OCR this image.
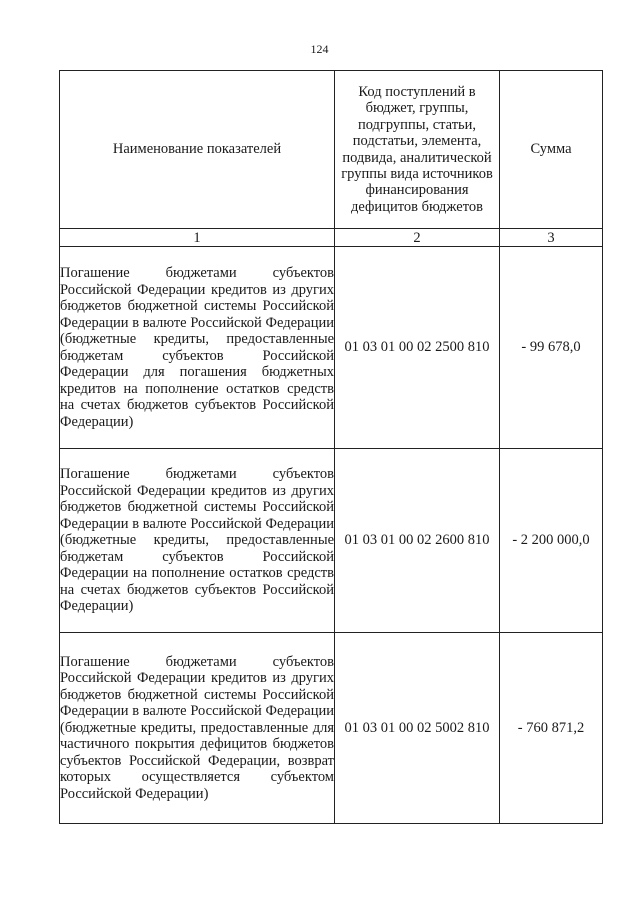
124
Наименование показателей	Код поступлений в бюджет, группы, подгруппы, статьи, подстатьи, элемента, подвида, аналитической группы вида источников финансирования дефицитов бюджетов	Сумма

1	2	3
Погашение бюджетами субъектов Российской Федерации кредитов из других бюджетов бюджетной системы Российской Федерации в валюте Российской Федерации (бюджетные кредиты, предоставленные бюджетам субъектов Российской Федерации для погашения бюджетных кредитов на пополнение остатков средств на счетах бюджетов субъектов Российской Федерации)	01 03 01 00 02 2500 810	- 99 678,0
Погашение бюджетами субъектов Российской Федерации кредитов из других бюджетов бюджетной системы Российской Федерации в валюте Российской Федерации (бюджетные кредиты, предоставленные бюджетам субъектов Российской Федерации на пополнение остатков средств на счетах бюджетов субъектов Российской Федерации)	01 03 01 00 02 2600 810	- 2 200 000,0
Погашение бюджетами субъектов Российской Федерации кредитов из других бюджетов бюджетной системы Российской Федерации в валюте Российской Федерации (бюджетные кредиты, предоставленные для частичного покрытия дефицитов бюджетов субъектов Российской Федерации, возврат которых осуществляется субъектом Российской Федерации)	01 03 01 00 02 5002 810	- 760 871,2
